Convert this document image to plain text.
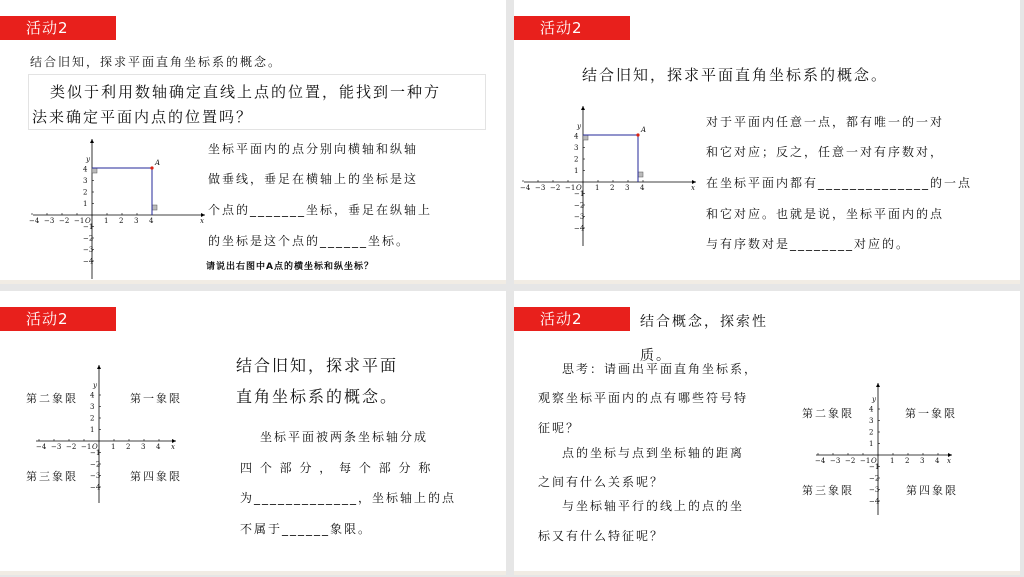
活动2
结合旧知，探求平面直角坐标系的概念。
类似于利用数轴确定直线上点的位置，能找到一种方
法来确定平面内点的位置吗？
−4 −3 −2 −1 O 1 2 3 4
4
3
2
1
−1
−2
−3
−4
x
y	A
坐标平面内的点分别向横轴和纵轴
做垂线，垂足在横轴上的坐标是这
个点的_______坐标，垂足在纵轴上
的坐标是这个点的______坐标。
请说出右图中A点的横坐标和纵坐标？
活动2
结合旧知，探求平面直角坐标系的概念。
−4 −3 −2 −1 O 1 2 3 4
4
3
2
1
−1
−2
−3
−4
x
y	A
对于平面内任意一点，都有唯一的一对
和它对应；反之，任意一对有序数对，
在坐标平面内都有______________的一点
和它对应。也就是说，坐标平面内的点
与有序数对是________对应的。
活动2
−4 −3 −2 −1 O 1 2 3 4
4
3
2
1
−1
−2
−3
−4
x
y
第二象限	第一象限
第三象限	第四象限
结合旧知，探求平面
直角坐标系的概念。
坐标平面被两条坐标轴分成
四 个 部 分 ， 每 个 部 分 称
为_____________，坐标轴上的点
不属于______象限。
活动2	结合概念，探索性
质。
思考：请画出平面直角坐标系，
观察坐标平面内的点有哪些符号特
征呢？
点的坐标与点到坐标轴的距离
之间有什么关系呢？
与坐标轴平行的线上的点的坐
标又有什么特征呢？
−4 −3 −2 −1 O 1 2 3 4
4
3
2
1
−1
−2
−3
−4
x
y
第二象限	第一象限
第三象限	第四象限
